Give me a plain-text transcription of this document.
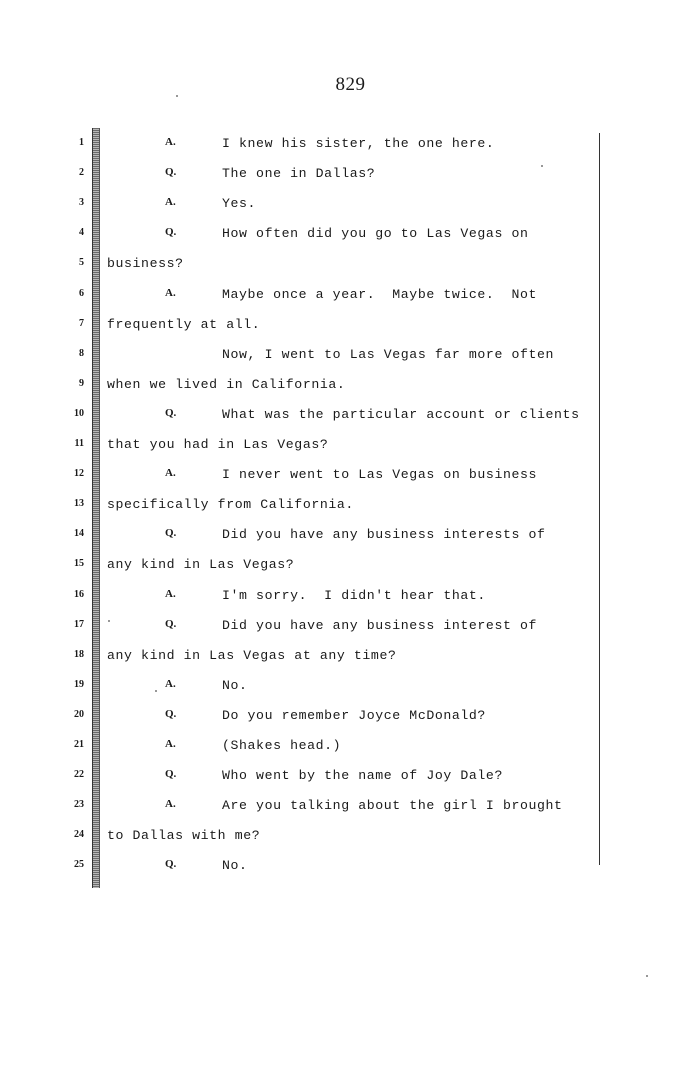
829
1	A.	I knew his sister, the one here.
2	Q.	The one in Dallas?
3	A.	Yes.
4	Q.	How often did you go to Las Vegas on
5 business?
6	A.	Maybe once a year.  Maybe twice.  Not
7 frequently at all.
8	Now, I went to Las Vegas far more often
9 when we lived in California.
10	Q.	What was the particular account or clients
11 that you had in Las Vegas?
12	A.	I never went to Las Vegas on business
13 specifically from California.
14	Q.	Did you have any business interests of
15 any kind in Las Vegas?
16	A.	I'm sorry.  I didn't hear that.
17	Q.	Did you have any business interest of
18 any kind in Las Vegas at any time?
19	A.	No.
20	Q.	Do you remember Joyce McDonald?
21	A.	(Shakes head.)
22	Q.	Who went by the name of Joy Dale?
23	A.	Are you talking about the girl I brought
24 to Dallas with me?
25	Q.	No.
